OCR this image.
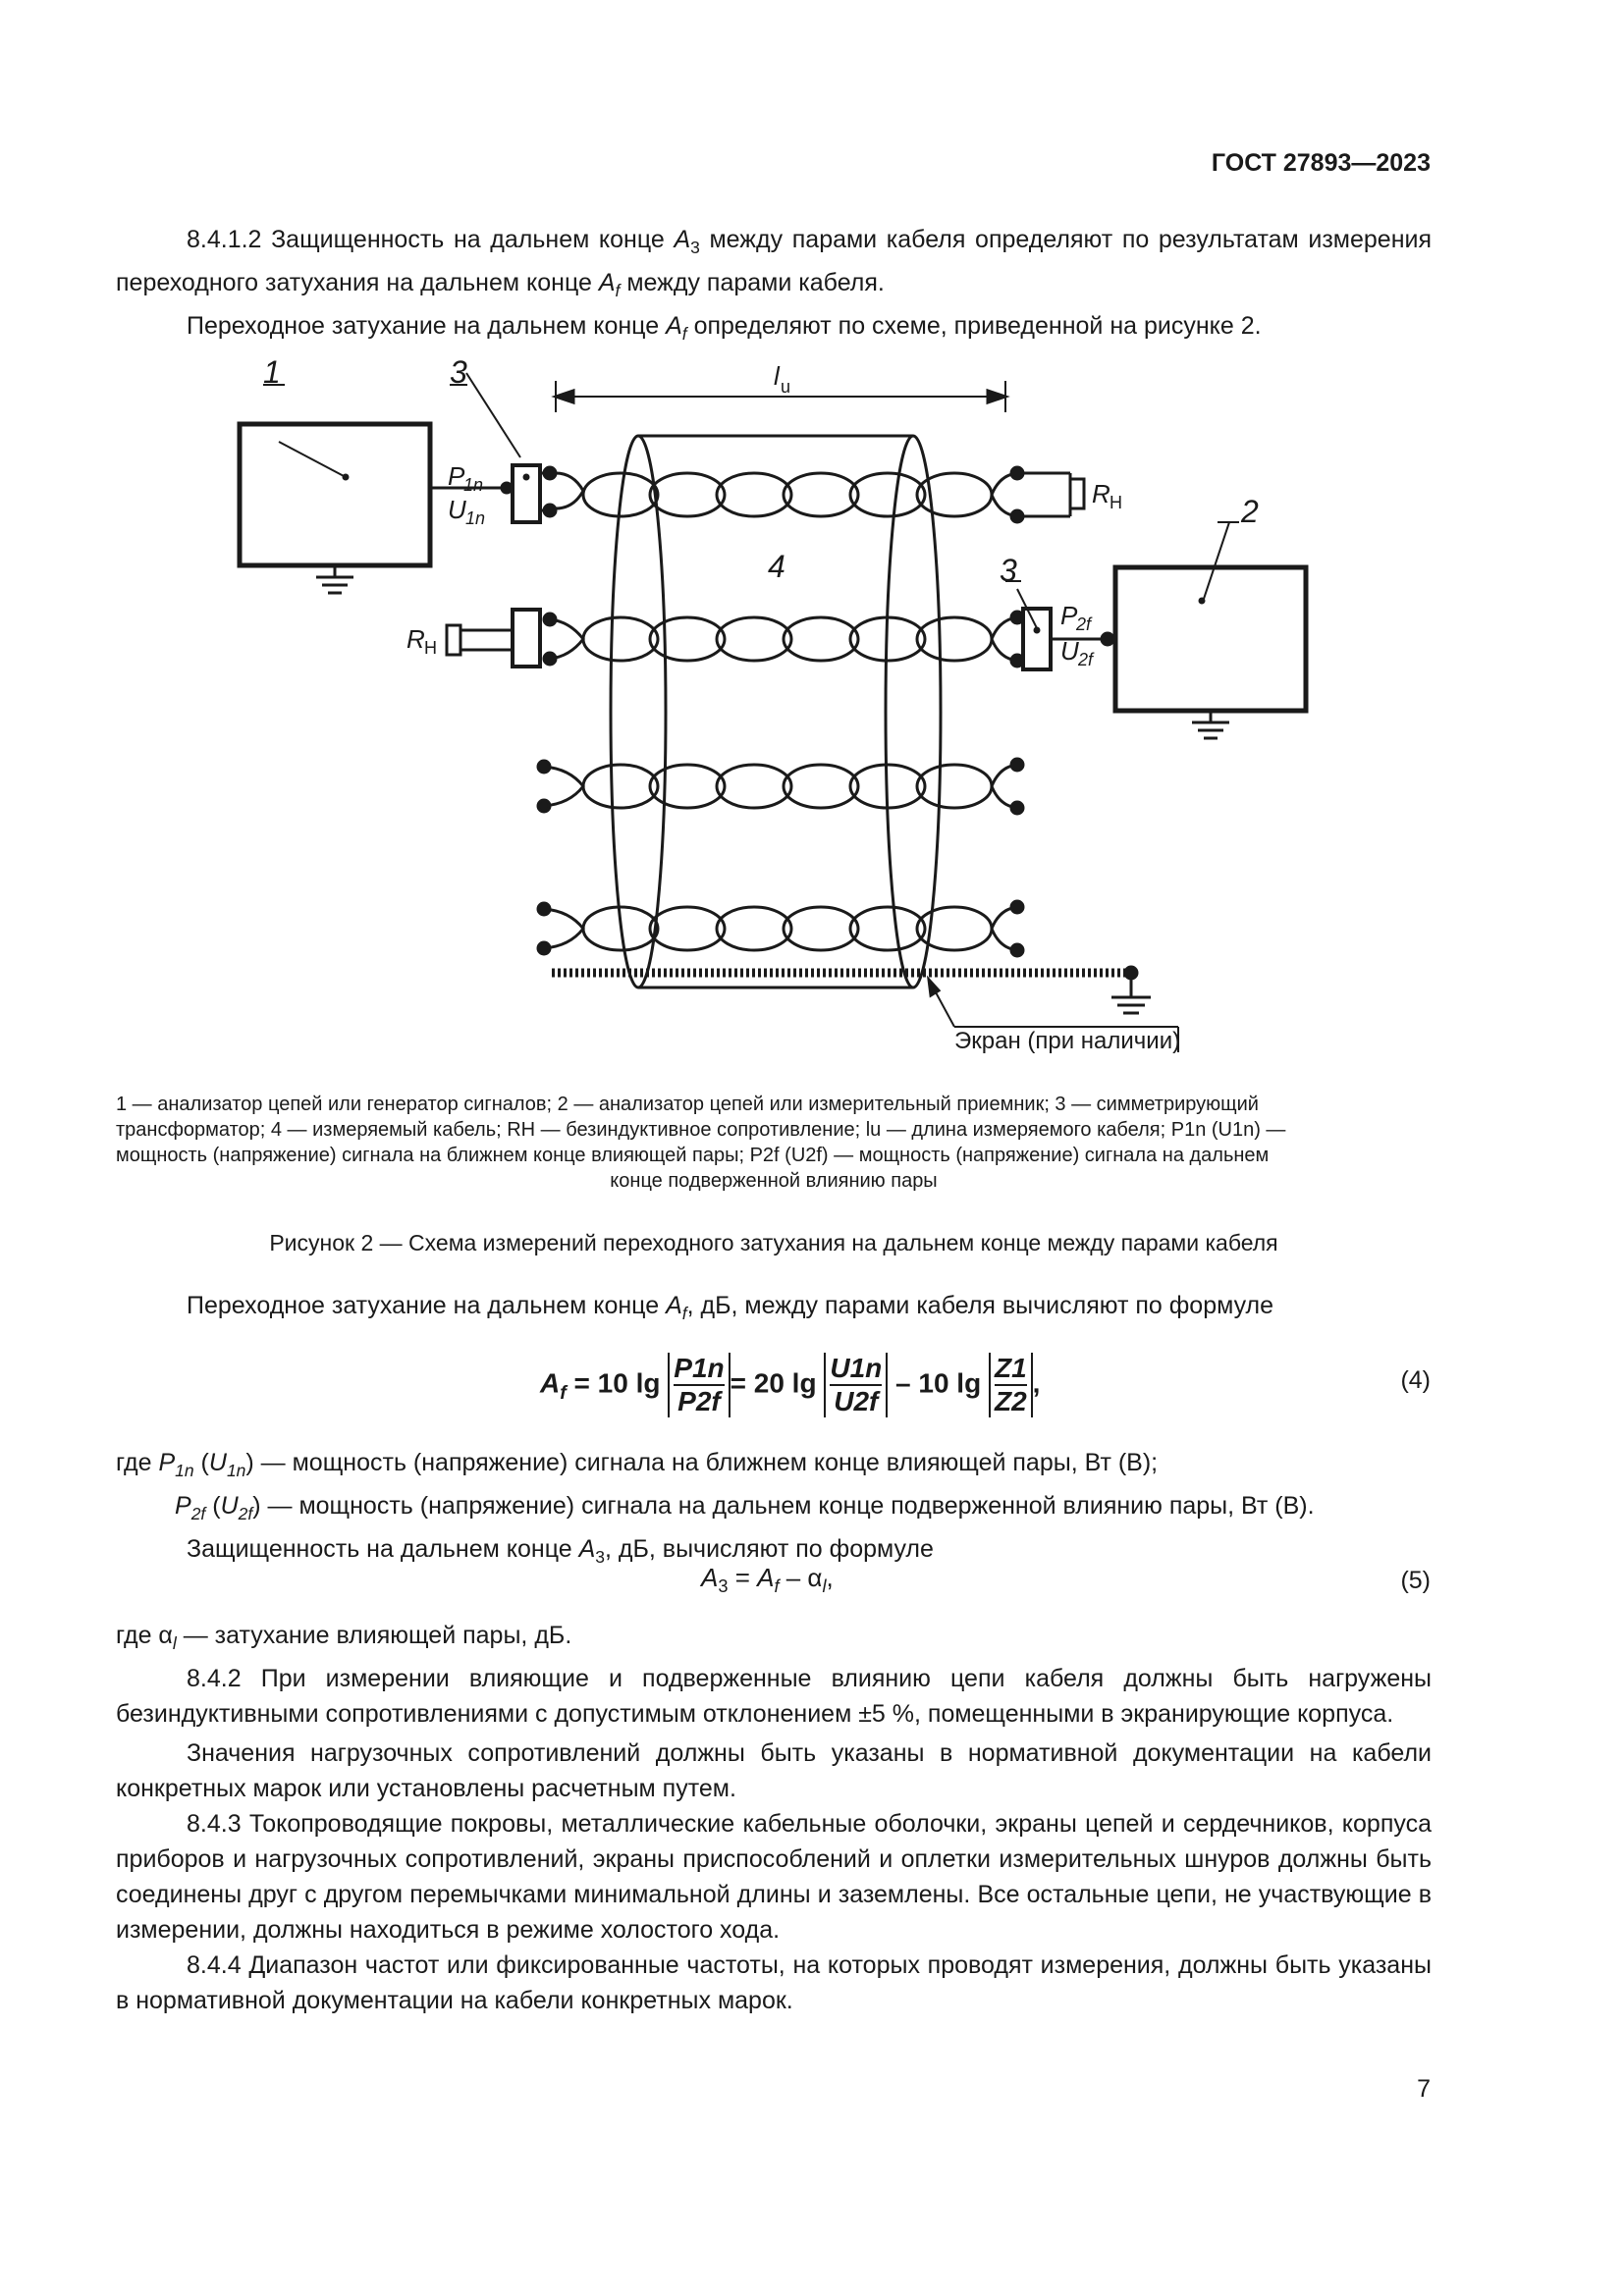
ГОСТ 27893—2023

8.4.1.2 Защищенность на дальнем конце $A_3$ между парами кабеля определяют по результатам измерения переходного затухания на дальнем конце $A_f$ между парами кабеля.

Переходное затухание на дальнем конце $A_f$ определяют по схеме, приведенной на рисунке 2.

1	3
2
3
4
l u
P
1n
U 1n
R Н
R Н
P
2f
U 2f
Экран (при наличии)
1 — анализатор цепей или генератор сигналов; 2 — анализатор цепей или измерительный приемник; 3 — симметрирующий
трансформатор; 4 — измеряемый кабель; RН — безиндуктивное сопротивление; lu — длина измеряемого кабеля; P1n (U1n) —
мощность (напряжение) сигнала на ближнем конце влияющей пары; P2f (U2f) — мощность (напряжение) сигнала на дальнем
конце подверженной влиянию пары
Рисунок 2 — Схема измерений переходного затухания на дальнем конце между парами кабеля

Переходное затухание на дальнем конце $A_f$, дБ, между парами кабеля вычисляют по формуле

$A_f = 10$ $\lg \frac{P1n}{P2f} = 20$ $\lg \frac{U1n}{U2f} - 10$ $\lg \frac{Z1}{Z2}$ ,	(4)

где $P_{1n}$ $(U_{1n})$ — мощность (напряжение) сигнала на ближнем конце влияющей пары, Вт (В);

$P_{2f}$ $(U_{2f})$ — мощность (напряжение) сигнала на дальнем конце подверженной влиянию пары, Вт (В).

Защищенность на дальнем конце $A_3$, дБ, вычисляют по формуле

$A_3 = A_f - \alpha_l$,	(5)

где $\alpha_l$ — затухание влияющей пары, дБ.

8.4.2 При измерении влияющие и подверженные влиянию цепи кабеля должны быть нагружены безиндуктивными сопротивлениями с допустимым отклонением ±5 %, помещенными в экранирующие корпуса.

Значения нагрузочных сопротивлений должны быть указаны в нормативной документации на кабели конкретных марок или установлены расчетным путем.

8.4.3 Токопроводящие покровы, металлические кабельные оболочки, экраны цепей и сердечников, корпуса приборов и нагрузочных сопротивлений, экраны приспособлений и оплетки измерительных шнуров должны быть соединены друг с другом перемычками минимальной длины и заземлены. Все остальные цепи, не участвующие в измерении, должны находиться в режиме холостого хода.

8.4.4 Диапазон частот или фиксированные частоты, на которых проводят измерения, должны быть указаны в нормативной документации на кабели конкретных марок.

7
